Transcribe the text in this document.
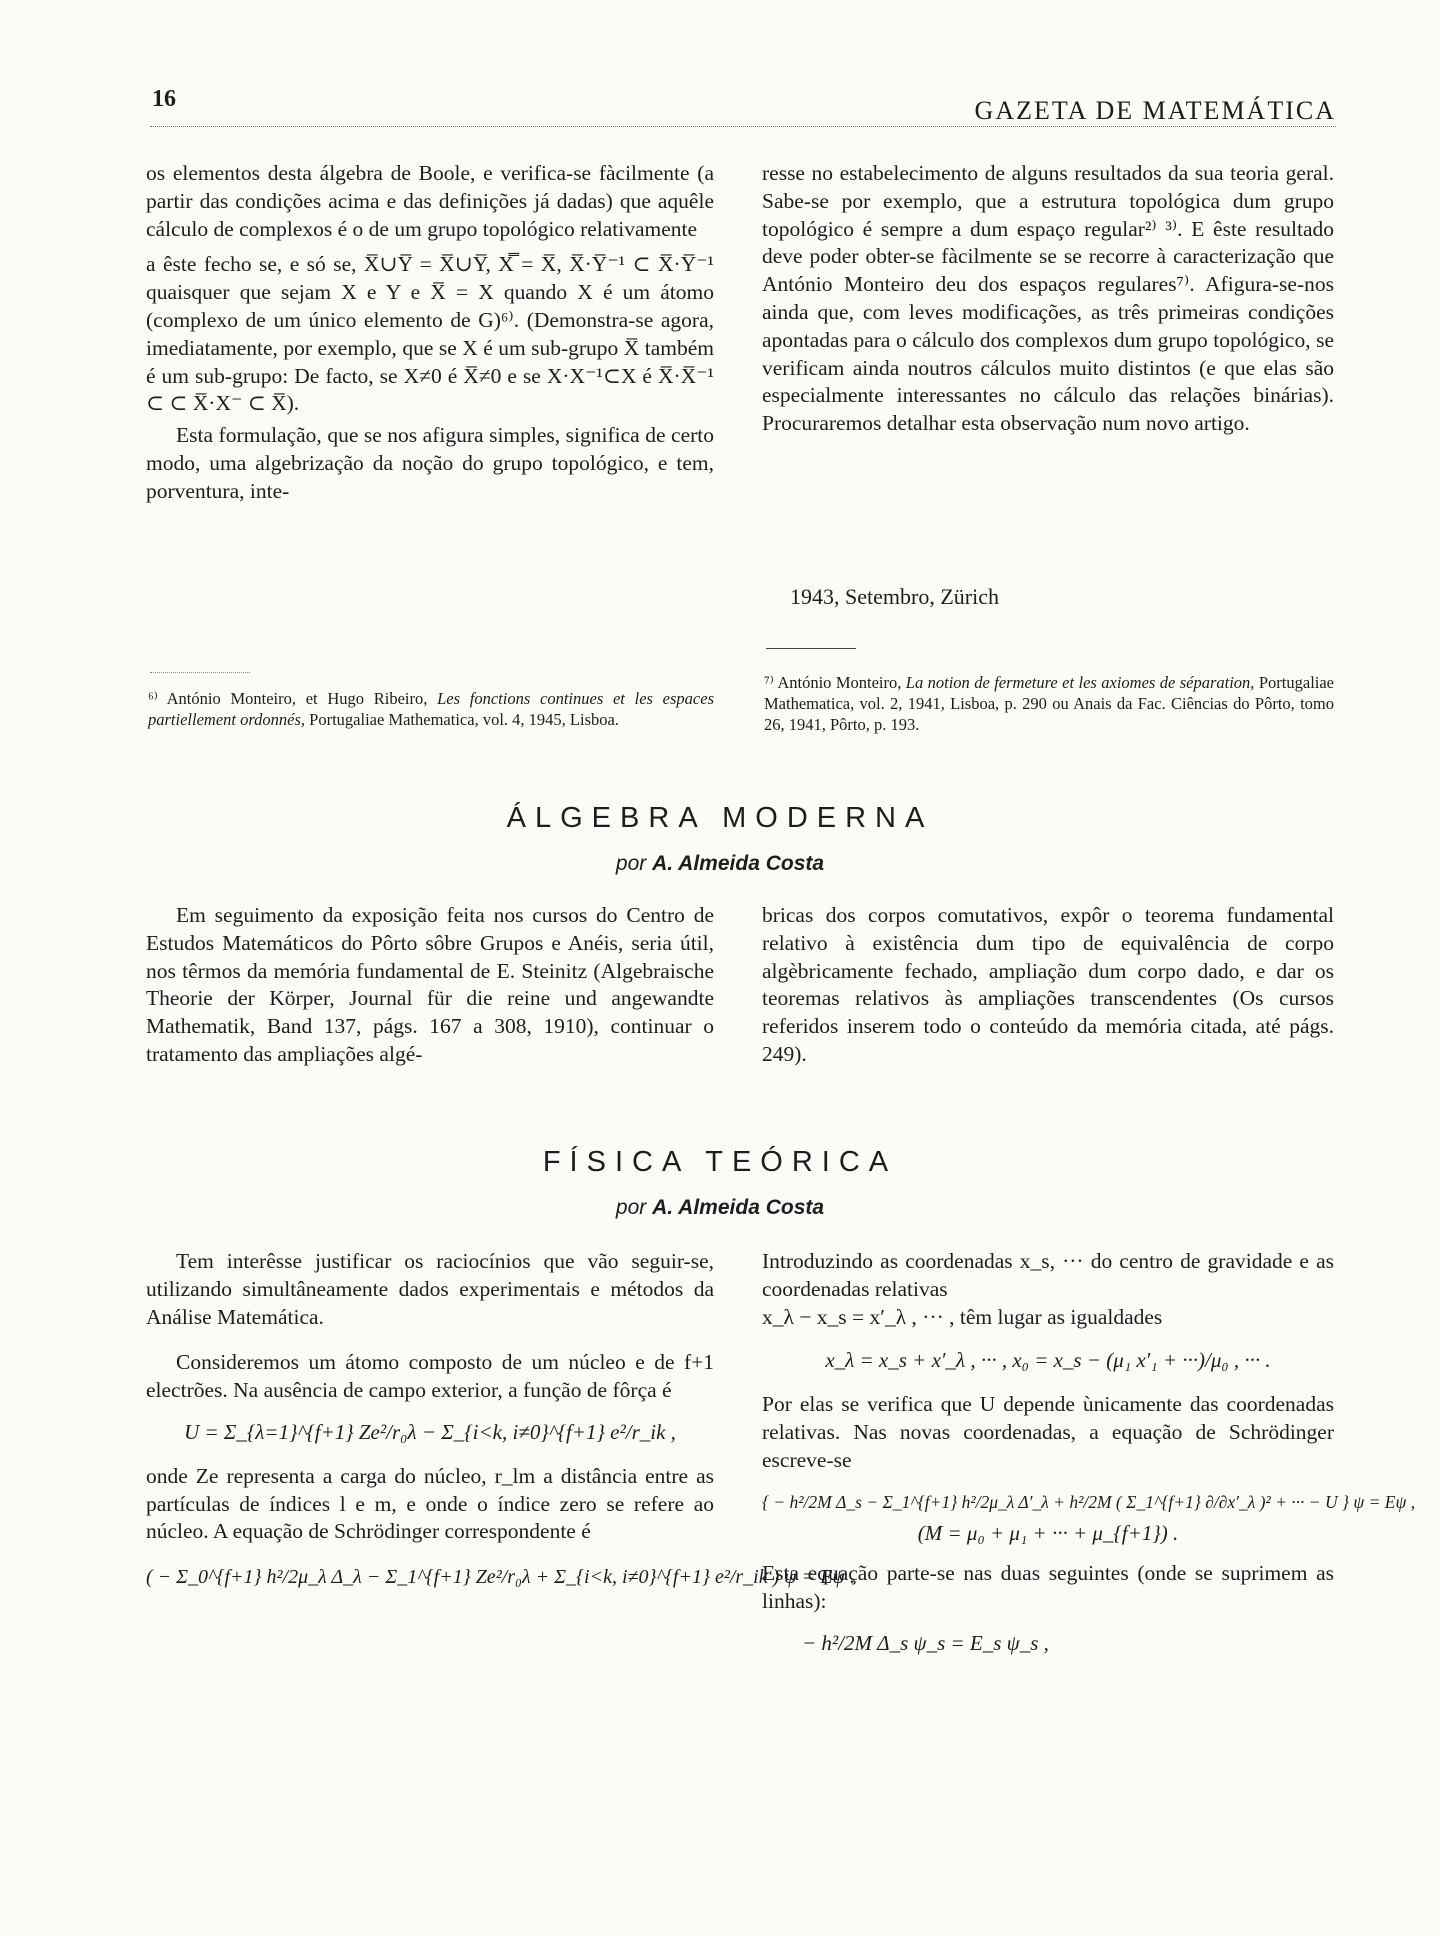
16	GAZETA DE MATEMÁTICA

os elementos desta álgebra de Boole, e verifica-se fàcilmente (a partir das condições acima e das definições já dadas) que aquêle cálculo de complexos é o de um grupo topológico relativamente

a êste fecho se, e só se, X̅∪Y̅ = X̅∪Y̅, X̿ = X̅, X̅·Y̅⁻¹ ⊂ X̅·Y̅⁻¹ quaisquer que sejam X e Y e X̅ = X quando X é um átomo (complexo de um único elemento de G)⁶⁾. (Demonstra-se agora, imediatamente, por exemplo, que se X é um sub-grupo X̅ também é um sub-grupo: De facto, se X≠0 é X̅≠0 e se X·X⁻¹⊂X é X̅·X̅⁻¹ ⊂ ⊂ X̅·X⁻ ⊂ X̅).

Esta formulação, que se nos afigura simples, significa de certo modo, uma algebrização da noção do grupo topológico, e tem, porventura, inte-

resse no estabelecimento de alguns resultados da sua teoria geral. Sabe-se por exemplo, que a estrutura topológica dum grupo topológico é sempre a dum espaço regular²⁾ ³⁾. E êste resultado deve poder obter-se fàcilmente se se recorre à caracterização que António Monteiro deu dos espaços regulares⁷⁾. Afigura-se-nos ainda que, com leves modificações, as três primeiras condições apontadas para o cálculo dos complexos dum grupo topológico, se verificam ainda noutros cálculos muito distintos (e que elas são especialmente interessantes no cálculo das relações binárias). Procuraremos detalhar esta observação num novo artigo.

1943, Setembro, Zürich

⁶⁾ António Monteiro, et Hugo Ribeiro, Les fonctions continues et les espaces partiellement ordonnés, Portugaliae Mathematica, vol. 4, 1945, Lisboa.

⁷⁾ António Monteiro, La notion de fermeture et les axiomes de séparation, Portugaliae Mathematica, vol. 2, 1941, Lisboa, p. 290 ou Anais da Fac. Ciências do Pôrto, tomo 26, 1941, Pôrto, p. 193.

ÁLGEBRA MODERNA
por A. Almeida Costa

Em seguimento da exposição feita nos cursos do Centro de Estudos Matemáticos do Pôrto sôbre Grupos e Anéis, seria útil, nos têrmos da memória fundamental de E. Steinitz (Algebraische Theorie der Körper, Journal für die reine und angewandte Mathematik, Band 137, págs. 167 a 308, 1910), continuar o tratamento das ampliações algé-

bricas dos corpos comutativos, expôr o teorema fundamental relativo à existência dum tipo de equivalência de corpo algèbricamente fechado, ampliação dum corpo dado, e dar os teoremas relativos às ampliações transcendentes (Os cursos referidos inserem todo o conteúdo da memória citada, até págs. 249).

FÍSICA TEÓRICA
por A. Almeida Costa

Tem interêsse justificar os raciocínios que vão seguir-se, utilizando simultâneamente dados experimentais e métodos da Análise Matemática.

Consideremos um átomo composto de um núcleo e de f+1 electrões. Na ausência de campo exterior, a função de fôrça é

U = Σ_{λ=1}^{f+1} Ze²/r₀λ − Σ_{i<k, i≠0}^{f+1} e²/r_ik ,

onde Ze representa a carga do núcleo, r_lm a distância entre as partículas de índices l e m, e onde o índice zero se refere ao núcleo. A equação de Schrödinger correspondente é

( − Σ_0^{f+1} h²/2μ_λ Δ_λ − Σ_1^{f+1} Ze²/r₀λ + Σ_{i<k, i≠0}^{f+1} e²/r_ik ) ψ = Eψ .

Introduzindo as coordenadas x_s, ··· do centro de gravidade e as coordenadas relativas

x_λ − x_s = x′_λ , ··· , têm lugar as igualdades

x_λ = x_s + x′_λ , ··· , x₀ = x_s − (μ₁ x′₁ + ···)/μ₀ , ··· .

Por elas se verifica que U depende ùnicamente das coordenadas relativas. Nas novas coordenadas, a equação de Schrödinger escreve-se

{ − h²/2M Δ_s − Σ_1^{f+1} h²/2μ_λ Δ′_λ + h²/2M ( Σ_1^{f+1} ∂/∂x′_λ )² + ··· − U } ψ = Eψ ,
(M = μ₀ + μ₁ + ··· + μ_{f+1}) .

Esta equação parte-se nas duas seguintes (onde se suprimem as linhas):

− h²/2M Δ_s ψ_s = E_s ψ_s ,
